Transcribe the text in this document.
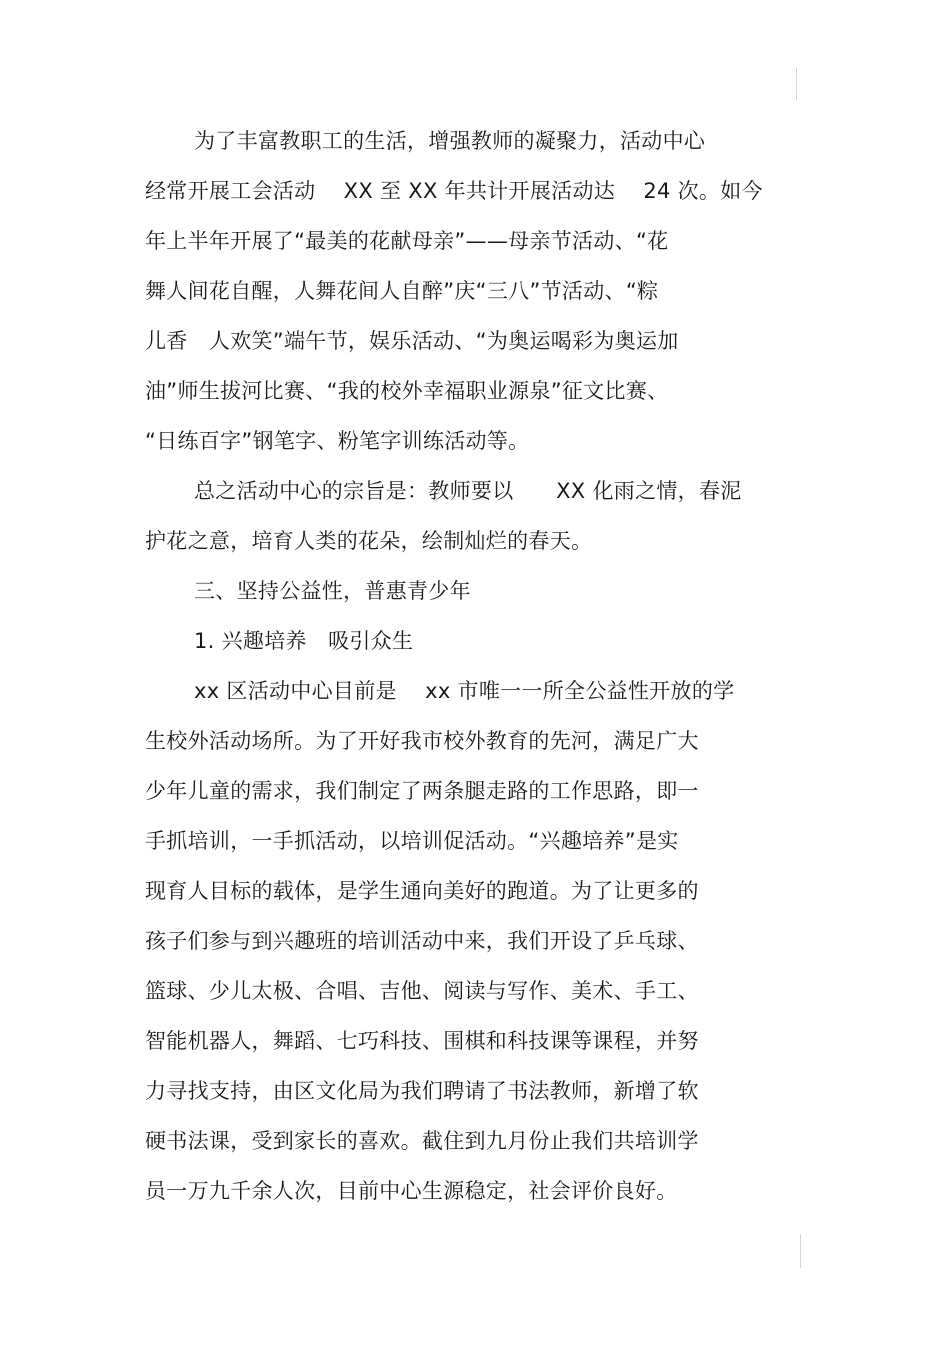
为了丰富教职工的生活，增强教师的凝聚力，活动中心
经常开展工会活动　 XX 至 XX 年共计开展活动达　 24 次。如今
年上半年开展了“最美的花献母亲”——母亲节活动、“花
舞人间花自醒，人舞花间人自醉”庆“三八”节活动、“粽
儿香　人欢笑”端午节，娱乐活动、“为奥运喝彩为奥运加
油”师生拔河比赛、“我的校外幸福职业源泉”征文比赛、
“日练百字”钢笔字、粉笔字训练活动等。
总之活动中心的宗旨是：教师要以　　XX 化雨之情，春泥
护花之意，培育人类的花朵，绘制灿烂的春天。
三、坚持公益性，普惠青少年
1. 兴趣培养　吸引众生
xx 区活动中心目前是　 xx 市唯一一所全公益性开放的学
生校外活动场所。为了开好我市校外教育的先河，满足广大
少年儿童的需求，我们制定了两条腿走路的工作思路，即一
手抓培训，一手抓活动，以培训促活动。“兴趣培养”是实
现育人目标的载体，是学生通向美好的跑道。为了让更多的
孩子们参与到兴趣班的培训活动中来，我们开设了乒乓球、
篮球、少儿太极、合唱、吉他、阅读与写作、美术、手工、
智能机器人，舞蹈、七巧科技、围棋和科技课等课程，并努
力寻找支持，由区文化局为我们聘请了书法教师，新增了软
硬书法课，受到家长的喜欢。截住到九月份止我们共培训学
员一万九千余人次，目前中心生源稳定，社会评价良好。
